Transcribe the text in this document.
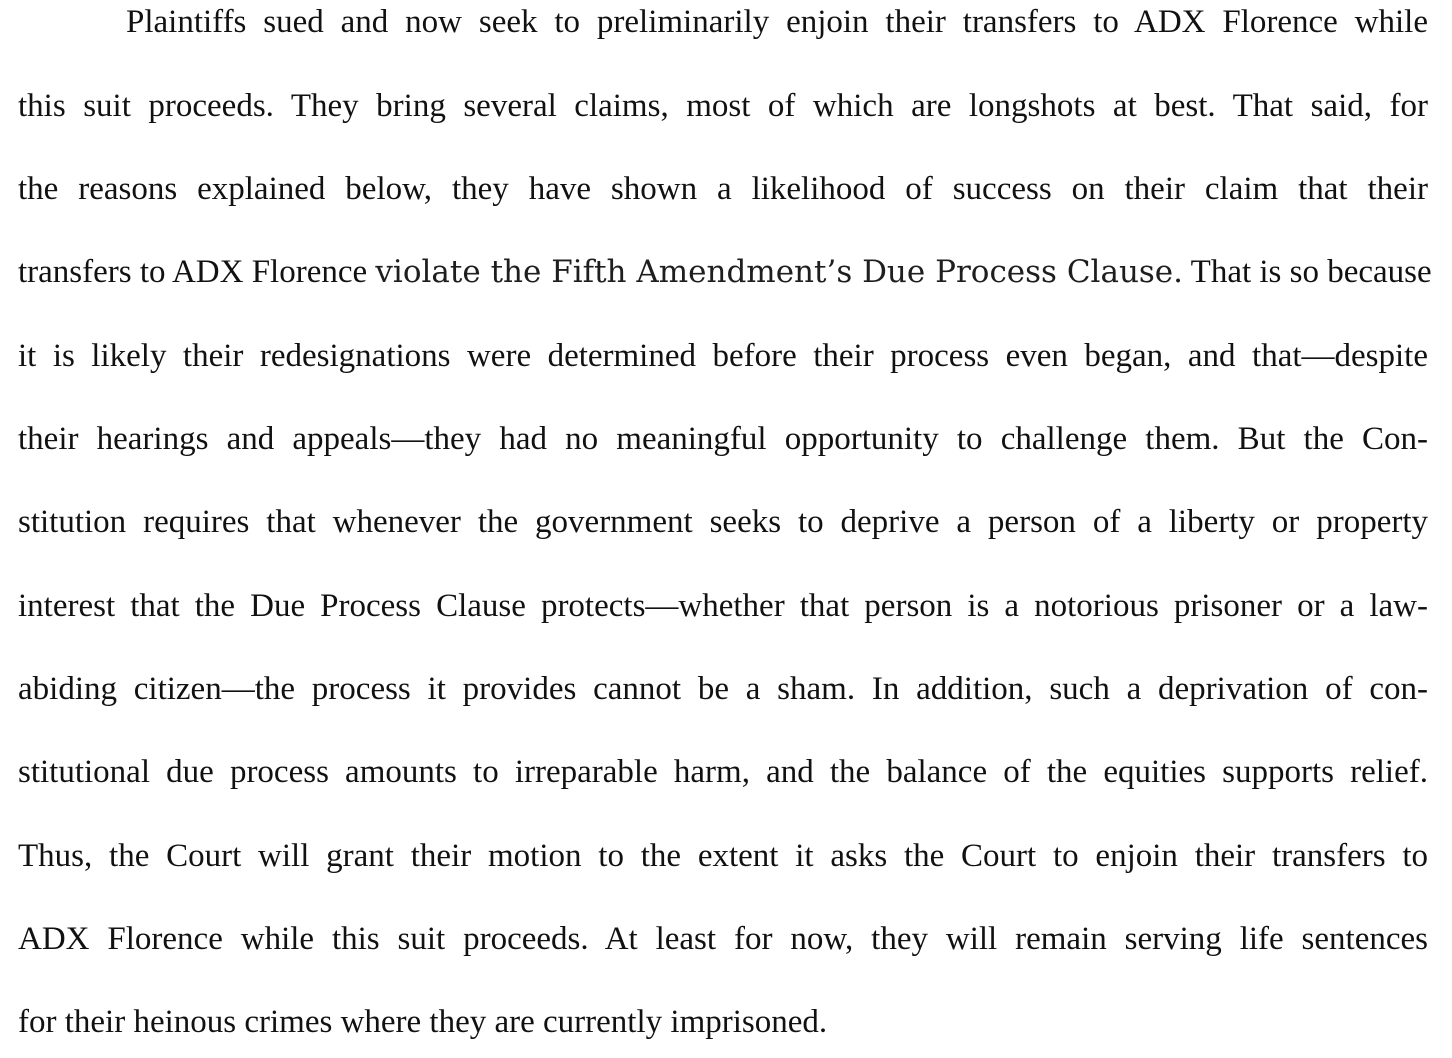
Plaintiffs sued and now seek to preliminarily enjoin their transfers to ADX Florence while
this suit proceeds. They bring several claims, most of which are longshots at best. That said, for
the reasons explained below, they have shown a likelihood of success on their claim that their
transfers to ADX Florence violate the Fifth Amendment’s Due Process Clause. That is so because
it is likely their redesignations were determined before their process even began, and that—despite
their hearings and appeals—they had no meaningful opportunity to challenge them. But the Con-
stitution requires that whenever the government seeks to deprive a person of a liberty or property
interest that the Due Process Clause protects—whether that person is a notorious prisoner or a law-
abiding citizen—the process it provides cannot be a sham. In addition, such a deprivation of con-
stitutional due process amounts to irreparable harm, and the balance of the equities supports relief.
Thus, the Court will grant their motion to the extent it asks the Court to enjoin their transfers to
ADX Florence while this suit proceeds. At least for now, they will remain serving life sentences
for their heinous crimes where they are currently imprisoned.
